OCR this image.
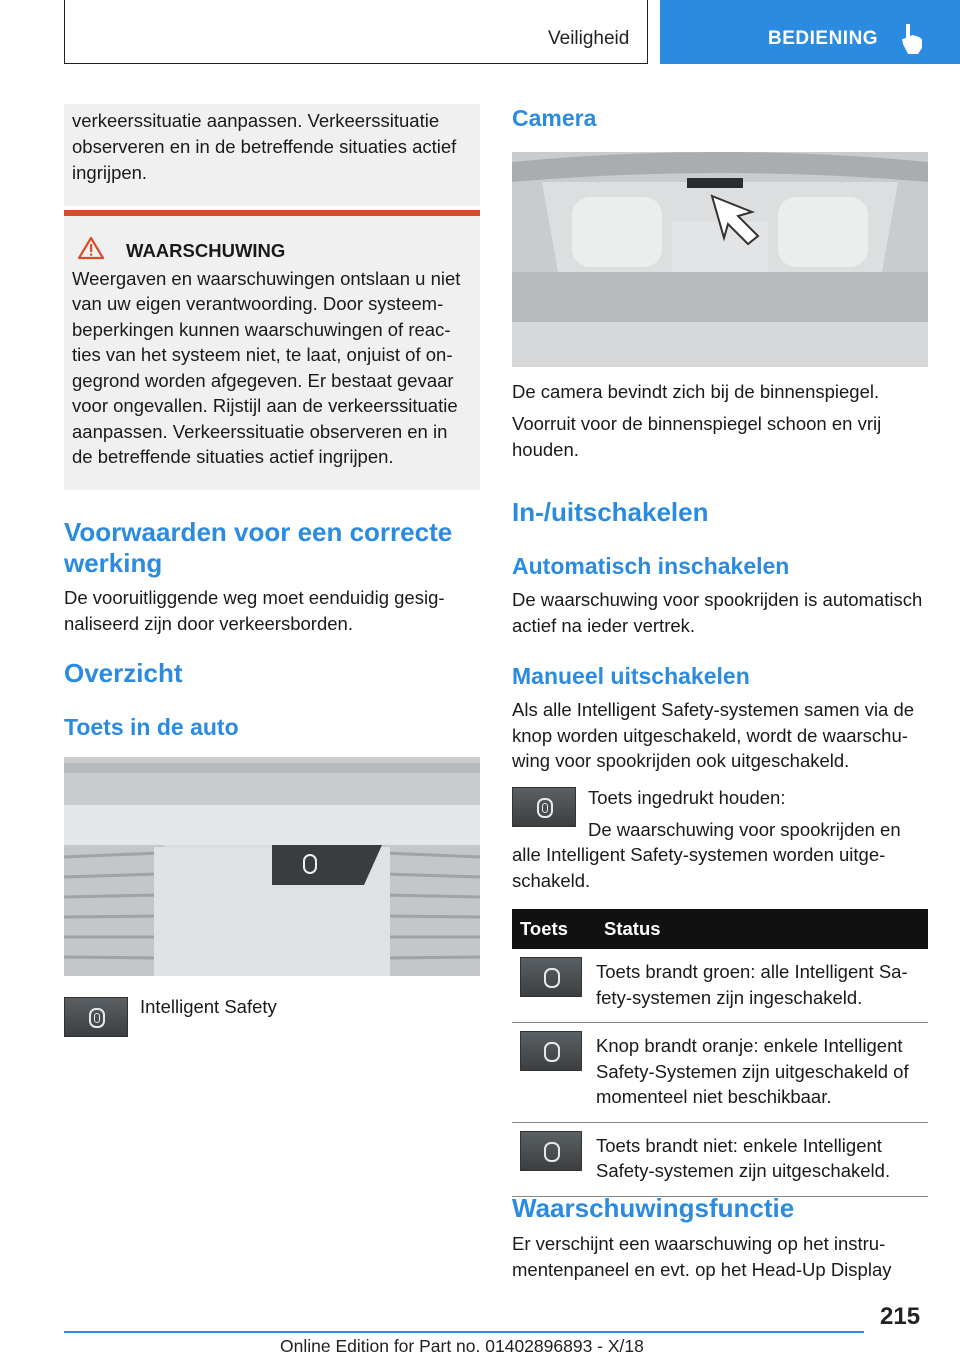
Veiligheid	BEDIENING
verkeerssituatie aanpassen. Verkeerssituatie observeren en in de betreffende situaties actief ingrijpen.
WAARSCHUWING
Weergaven en waarschuwingen ontslaan u niet van uw eigen verantwoording. Door systeembeperkingen kunnen waarschuwingen of reacties van het systeem niet, te laat, onjuist of ongegrond worden afgegeven. Er bestaat gevaar voor ongevallen. Rijstijl aan de verkeerssituatie aanpassen. Verkeerssituatie observeren en in de betreffende situaties actief ingrijpen.
Voorwaarden voor een correcte werking
De vooruitliggende weg moet eenduidig gesignaliseerd zijn door verkeersborden.
Overzicht
Toets in de auto
Intelligent Safety
Camera
De camera bevindt zich bij de binnenspiegel.
Voorruit voor de binnenspiegel schoon en vrij houden.
In-/uitschakelen
Automatisch inschakelen
De waarschuwing voor spookrijden is automatisch actief na ieder vertrek.
Manueel uitschakelen
Als alle Intelligent Safety-systemen samen via de knop worden uitgeschakeld, wordt de waarschuwing voor spookrijden ook uitgeschakeld.
Toets ingedrukt houden:
De waarschuwing voor spookrijden en
alle Intelligent Safety-systemen worden uitgeschakeld.
Toets	Status

	Toets brandt groen: alle Intelligent Safety-systemen zijn ingeschakeld.

	Knop brandt oranje: enkele Intelligent Safety-Systemen zijn uitgeschakeld of momenteel niet beschikbaar.

	Toets brandt niet: enkele Intelligent Safety-systemen zijn uitgeschakeld.
Waarschuwingsfunctie
Er verschijnt een waarschuwing op het instrumentenpaneel en evt. op het Head-Up Display
215
Online Edition for Part no. 01402896893 - X/18
